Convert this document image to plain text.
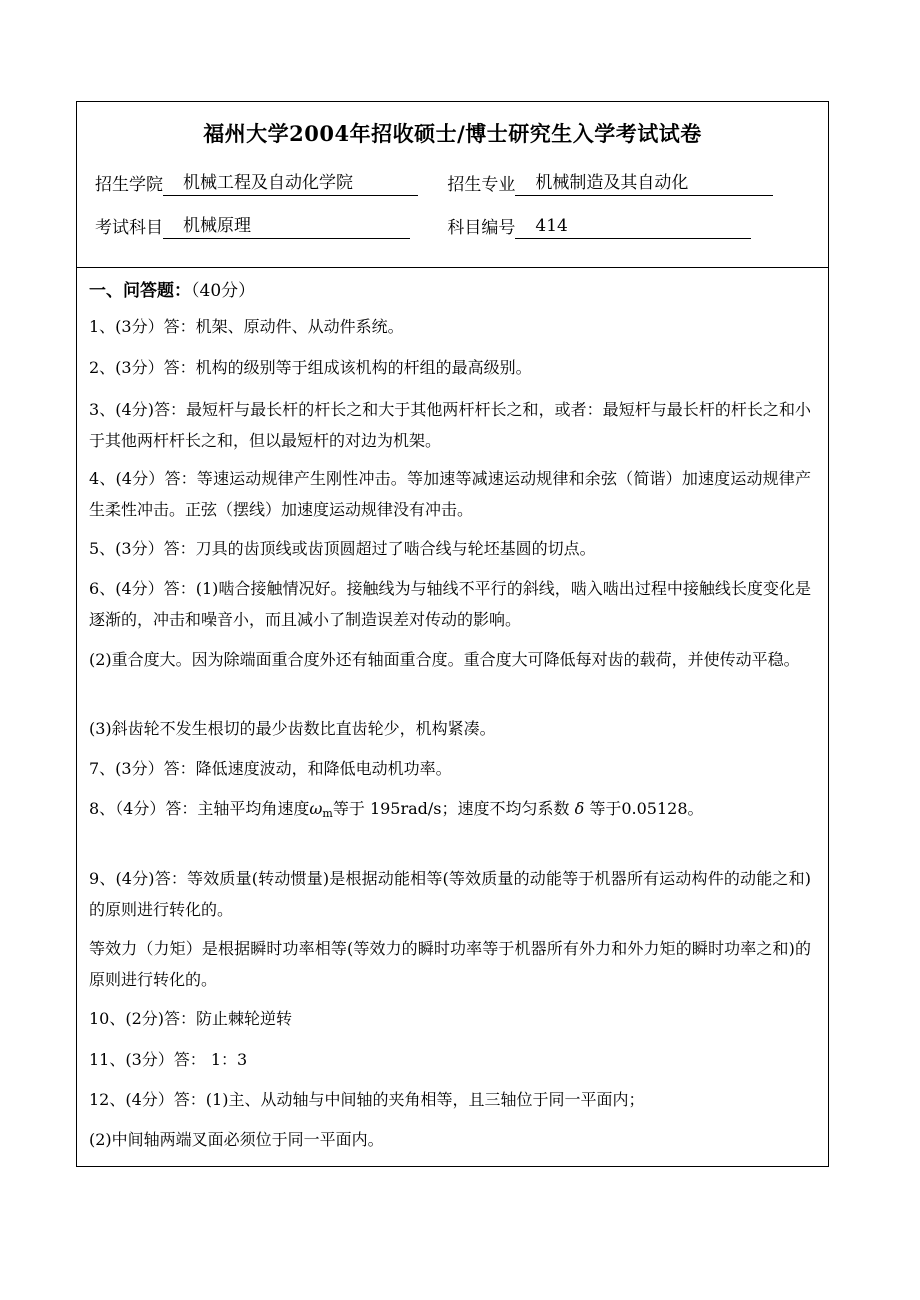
福州大学2004年招收硕士/博士研究生入学考试试卷
招生学院 机械工程及自动化学院	招生专业 机械制造及其自动化
考试科目 机械原理	科目编号 414
一、问答题：（40分）
1、(3分）答：机架、原动件、从动件系统。
2、(3分）答：机构的级别等于组成该机构的杆组的最高级别。
3、(4分)答：最短杆与最长杆的杆长之和大于其他两杆杆长之和，或者：最短杆与最长杆的杆长之和小于其他两杆杆长之和，但以最短杆的对边为机架。
4、(4分）答：等速运动规律产生刚性冲击。等加速等减速运动规律和余弦（简谐）加速度运动规律产生柔性冲击。正弦（摆线）加速度运动规律没有冲击。
5、(3分）答：刀具的齿顶线或齿顶圆超过了啮合线与轮坯基圆的切点。
6、(4分）答：(1)啮合接触情况好。接触线为与轴线不平行的斜线，啮入啮出过程中接触线长度变化是逐渐的，冲击和噪音小，而且减小了制造误差对传动的影响。
(2)重合度大。因为除端面重合度外还有轴面重合度。重合度大可降低每对齿的载荷，并使传动平稳。
(3)斜齿轮不发生根切的最少齿数比直齿轮少，机构紧凑。
7、(3分）答：降低速度波动，和降低电动机功率。
8、（4分）答：主轴平均角速度$\omega_m$等于 195rad/s；速度不均匀系数 δ 等于0.05128。
9、(4分)答：等效质量(转动惯量)是根据动能相等(等效质量的动能等于机器所有运动构件的动能之和)的原则进行转化的。
等效力（力矩）是根据瞬时功率相等(等效力的瞬时功率等于机器所有外力和外力矩的瞬时功率之和)的原则进行转化的。
10、(2分)答：防止棘轮逆转
11、(3分）答： 1：3
12、(4分）答：(1)主、从动轴与中间轴的夹角相等，且三轴位于同一平面内；
(2)中间轴两端叉面必须位于同一平面内。
